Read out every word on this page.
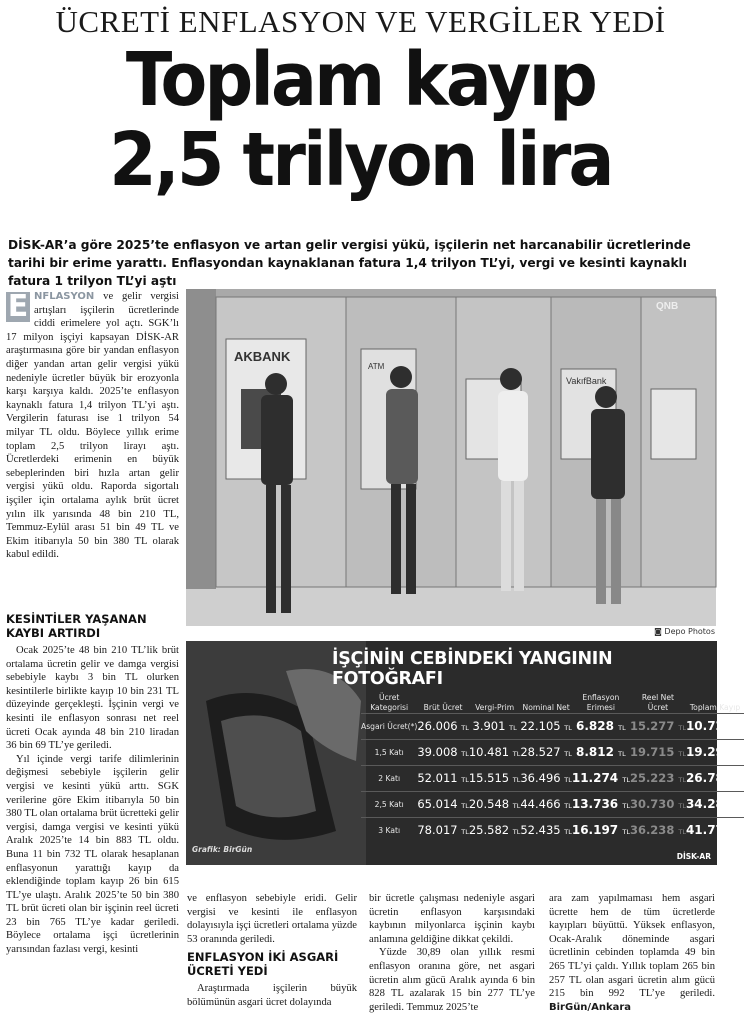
ÜCRETİ ENFLASYON VE VERGİLER YEDİ
Toplam kayıp
2,5 trilyon lira
DİSK-AR’a göre 2025’te enflasyon ve artan gelir vergisi yükü, işçilerin net harcanabilir ücretlerinde tarihi bir erime yarattı. Enflasyondan kaynaklanan fatura 1,4 trilyon TL’yi, vergi ve kesinti kaynaklı fatura 1 trilyon TL’yi aştı
E NFLASYON ve gelir vergisi artışları işçilerin ücretlerinde ciddi erimelere yol açtı. SGK’lı 17 milyon işçiyi kapsayan DİSK-AR araştırmasına göre bir yandan enflasyon diğer yandan artan gelir vergisi yükü nedeniyle ücretler büyük bir erozyonla karşı karşıya kaldı. 2025’te enflasyon kaynaklı fatura 1,4 trilyon TL’yi aştı. Vergilerin faturası ise 1 trilyon 54 milyar TL oldu. Böylece yıllık erime toplam 2,5 trilyon lirayı aştı. Ücretlerdeki erimenin en büyük sebeplerinden biri hızla artan gelir vergisi yükü oldu. Raporda sigortalı işçiler için ortalama aylık brüt ücret yılın ilk yarısında 48 bin 210 TL, Temmuz-Eylül arası 51 bin 49 TL ve Ekim itibarıyla 50 bin 380 TL olarak kabul edildi.
KESİNTİLER YAŞANAN KAYBI ARTIRDI

Ocak 2025’te 48 bin 210 TL’lik brüt ortalama ücretin gelir ve damga vergisi sebebiyle kaybı 3 bin TL olurken kesintilerle birlikte kayıp 10 bin 231 TL düzeyinde gerçekleşti. İşçinin vergi ve kesinti ile enflasyon sonrası net reel ücreti Ocak ayında 48 bin 210 liradan 36 bin 69 TL’ye geriledi.

Yıl içinde vergi tarife dilimlerinin değişmesi sebebiyle işçilerin gelir vergisi ve kesinti yükü arttı. SGK verilerine göre Ekim itibarıyla 50 bin 380 TL olan ortalama brüt ücretteki gelir vergisi, damga vergisi ve kesinti yükü Aralık 2025’te 14 bin 883 TL oldu. Buna 11 bin 732 TL olarak hesaplanan enflasyonun yarattığı kayıp da eklendiğinde toplam kayıp 26 bin 615 TL’ye ulaştı. Aralık 2025’te 50 bin 380 TL brüt ücreti olan bir işçinin reel ücreti 23 bin 765 TL’ye kadar geriledi. Böylece ortalama işçi ücretlerinin yarısından fazlası vergi, kesinti

AKBANK
ATM
VakıfBank
QNB
◙ Depo Photos
İŞÇİNİN CEBİNDEKİ YANGININ FOTOĞRAFI
Ücret Kategorisi	Brüt Ücret	Vergi-Prim	Nominal Net	Enflasyon Erimesi	Reel Net Ücret	Toplam Kayıp
Asgari Ücret(*)	26.006 TL	3.901 TL	22.105 TL	6.828 TL	15.277 TL	10.729 TL
1,5 Katı	39.008 TL	10.481 TL	28.527 TL	8.812 TL	19.715 TL	19.293 TL
2 Katı	52.011 TL	15.515 TL	36.496 TL	11.274 TL	25.223 TL	26.788 TL
2,5 Katı	65.014 TL	20.548 TL	44.466 TL	13.736 TL	30.730 TL	34.284 TL
3 Katı	78.017 TL	25.582 TL	52.435 TL	16.197 TL	36.238 TL	41.779 TL
Grafik: BirGün
DİSK-AR

ve enflasyon sebebiyle eridi. Gelir vergisi ve kesinti ile enflasyon dolayısıyla işçi ücretleri ortalama yüzde 53 oranında geriledi.

ENFLASYON İKİ ASGARİ ÜCRETİ YEDİ

Araştırmada işçilerin büyük bölümünün asgari ücret dolayında

bir ücretle çalışması nedeniyle asgari ücretin enflasyon karşısındaki kaybının milyonlarca işçinin kaybı anlamına geldiğine dikkat çekildi.

Yüzde 30,89 olan yıllık resmi enflasyon oranına göre, net asgari ücretin alım gücü Aralık ayında 6 bin 828 TL azalarak 15 bin 277 TL’ye geriledi. Temmuz 2025’te

ara zam yapılmaması hem asgari ücrette hem de tüm ücretlerde kayıpları büyüttü. Yüksek enflasyon, Ocak-Aralık döneminde asgari ücretlinin cebinden toplamda 49 bin 265 TL’yi çaldı. Yıllık toplam 265 bin 257 TL olan asgari ücretin alım gücü 215 bin 992 TL’ye geriledi. BirGün/Ankara
